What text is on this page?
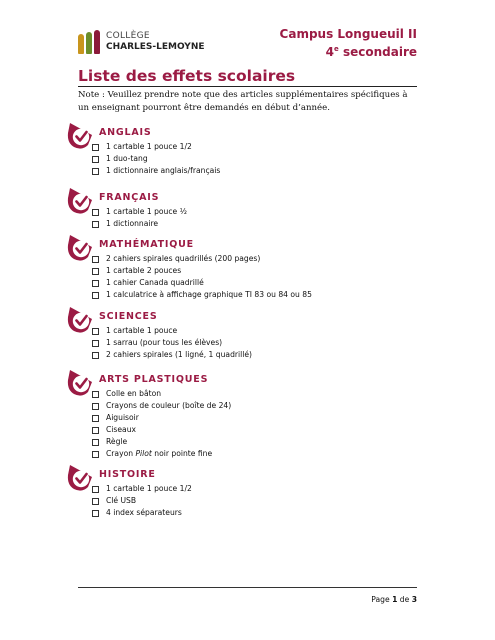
COLLÈGE
CHARLES-LEMOYNE
Campus Longueuil II
4e secondaire
Liste des effets scolaires
Note : Veuillez prendre note que des articles supplémentaires spécifiques à un enseignant pourront être demandés en début d’année.
ANGLAIS
1 cartable 1 pouce 1/2
1 duo-tang
1 dictionnaire anglais/français
FRANÇAIS
1 cartable 1 pouce ½
1 dictionnaire
MATHÉMATIQUE
2 cahiers spirales quadrillés (200 pages)
1 cartable 2 pouces
1 cahier Canada quadrillé
1 calculatrice à affichage graphique TI 83 ou 84 ou 85
SCIENCES
1 cartable 1 pouce
1 sarrau (pour tous les élèves)
2 cahiers spirales (1 ligné, 1 quadrillé)
ARTS PLASTIQUES
Colle en bâton
Crayons de couleur (boîte de 24)
Aiguisoir
Ciseaux
Règle
Crayon Pilot noir pointe fine
HISTOIRE
1 cartable 1 pouce 1/2
Clé USB
4 index séparateurs
Page 1 de 3
